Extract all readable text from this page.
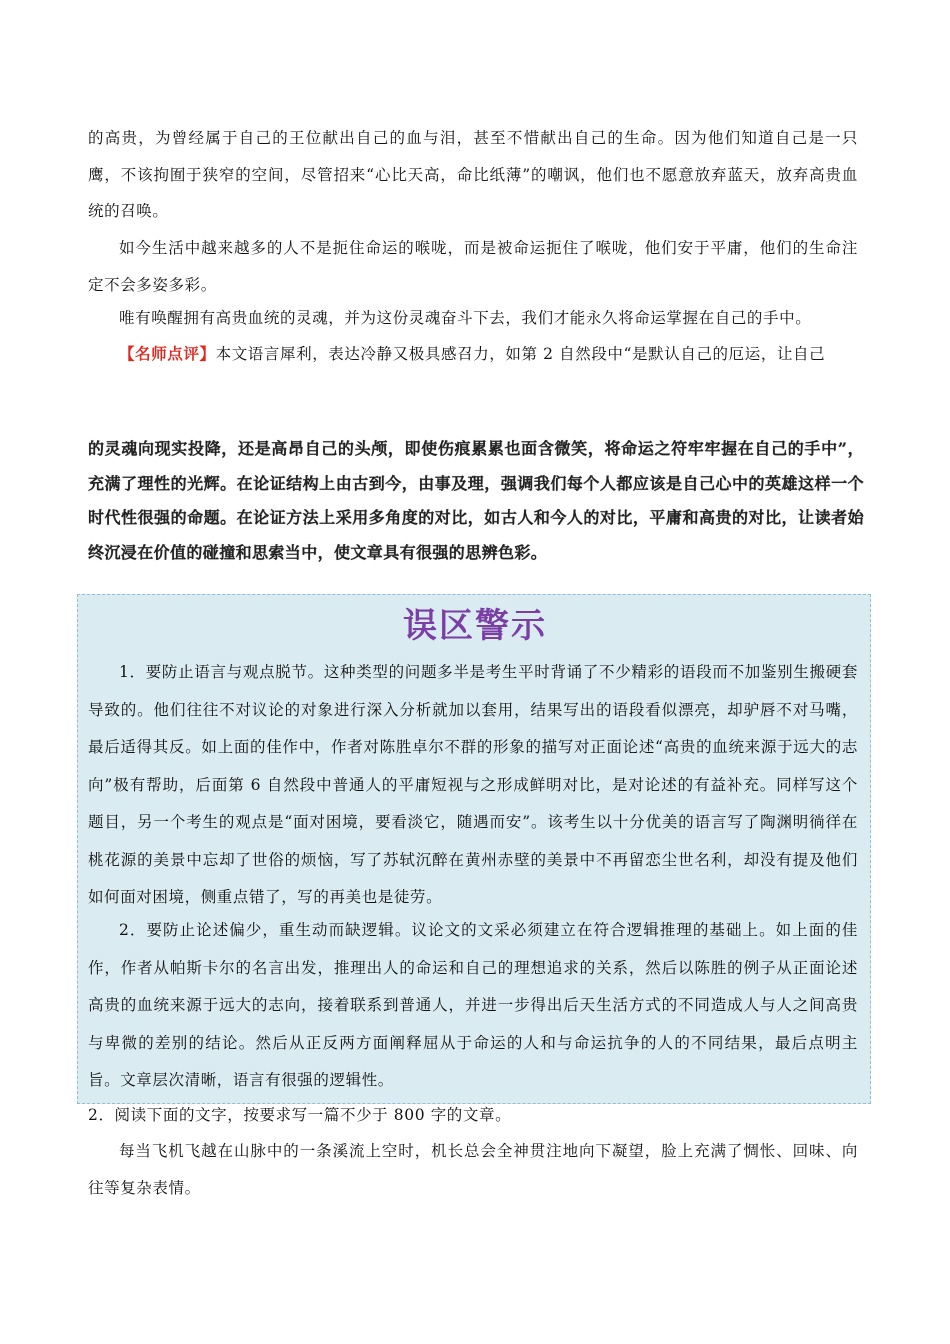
的高贵，为曾经属于自己的王位献出自己的血与泪，甚至不惜献出自己的生命。因为他们知道自己是一只鹰，不该拘囿于狭窄的空间，尽管招来“心比天高，命比纸薄”的嘲讽，他们也不愿意放弃蓝天，放弃高贵血统的召唤。

如今生活中越来越多的人不是扼住命运的喉咙，而是被命运扼住了喉咙，他们安于平庸，他们的生命注定不会多姿多彩。

唯有唤醒拥有高贵血统的灵魂，并为这份灵魂奋斗下去，我们才能永久将命运掌握在自己的手中。

【名师点评】本文语言犀利，表达冷静又极具感召力，如第 2 自然段中“是默认自己的厄运，让自己

的灵魂向现实投降，还是高昂自己的头颅，即使伤痕累累也面含微笑，将命运之符牢牢握在自己的手中”，充满了理性的光辉。在论证结构上由古到今，由事及理，强调我们每个人都应该是自己心中的英雄这样一个时代性很强的命题。在论证方法上采用多角度的对比，如古人和今人的对比，平庸和高贵的对比，让读者始终沉浸在价值的碰撞和思索当中，使文章具有很强的思辨色彩。

误区警示

1．要防止语言与观点脱节。这种类型的问题多半是考生平时背诵了不少精彩的语段而不加鉴别生搬硬套导致的。他们往往不对议论的对象进行深入分析就加以套用，结果写出的语段看似漂亮，却驴唇不对马嘴，最后适得其反。如上面的佳作中，作者对陈胜卓尔不群的形象的描写对正面论述“高贵的血统来源于远大的志向”极有帮助，后面第 6 自然段中普通人的平庸短视与之形成鲜明对比，是对论述的有益补充。同样写这个题目，另一个考生的观点是“面对困境，要看淡它，随遇而安”。该考生以十分优美的语言写了陶渊明徜徉在桃花源的美景中忘却了世俗的烦恼，写了苏轼沉醉在黄州赤壁的美景中不再留恋尘世名利，却没有提及他们如何面对困境，侧重点错了，写的再美也是徒劳。

2．要防止论述偏少，重生动而缺逻辑。议论文的文采必须建立在符合逻辑推理的基础上。如上面的佳作，作者从帕斯卡尔的名言出发，推理出人的命运和自己的理想追求的关系，然后以陈胜的例子从正面论述高贵的血统来源于远大的志向，接着联系到普通人，并进一步得出后天生活方式的不同造成人与人之间高贵与卑微的差别的结论。然后从正反两方面阐释屈从于命运的人和与命运抗争的人的不同结果，最后点明主旨。文章层次清晰，语言有很强的逻辑性。

2．阅读下面的文字，按要求写一篇不少于 800 字的文章。

每当飞机飞越在山脉中的一条溪流上空时，机长总会全神贯注地向下凝望，脸上充满了惆怅、回味、向往等复杂表情。
